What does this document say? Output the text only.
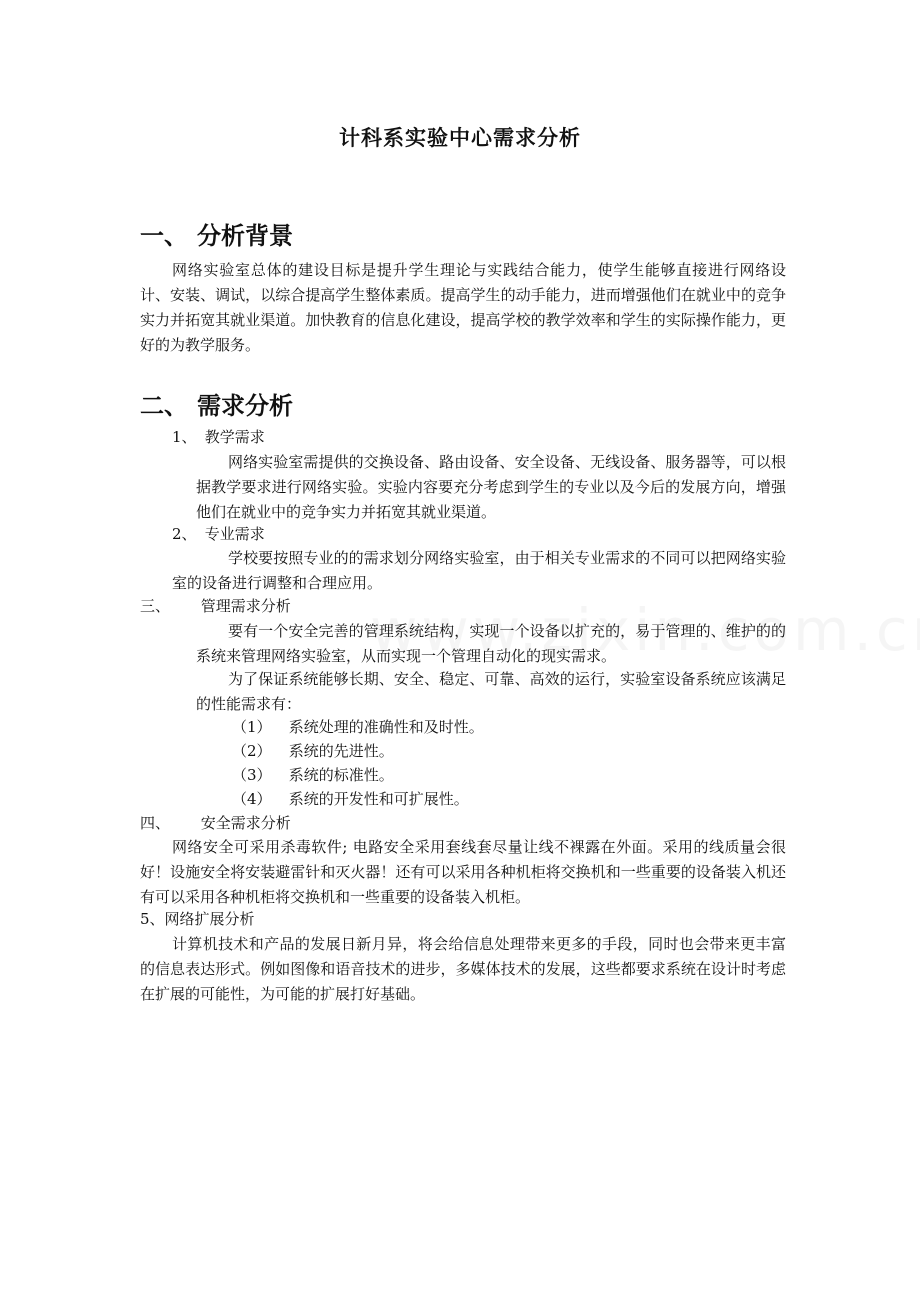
计科系实验中心需求分析
一、 分析背景
网络实验室总体的建设目标是提升学生理论与实践结合能力，使学生能够直接进行网络设计、安装、调试，以综合提高学生整体素质。提高学生的动手能力，进而增强他们在就业中的竞争实力并拓宽其就业渠道。加快教育的信息化建设，提高学校的教学效率和学生的实际操作能力，更好的为教学服务。
二、 需求分析
1、 教学需求
网络实验室需提供的交换设备、路由设备、安全设备、无线设备、服务器等，可以根据教学要求进行网络实验。实验内容要充分考虑到学生的专业以及今后的发展方向，增强他们在就业中的竞争实力并拓宽其就业渠道。
2、 专业需求
学校要按照专业的的需求划分网络实验室，由于相关专业需求的不同可以把网络实验室的设备进行调整和合理应用。
三、 管理需求分析
要有一个安全完善的管理系统结构，实现一个设备以扩充的，易于管理的、维护的的系统来管理网络实验室，从而实现一个管理自动化的现实需求。
为了保证系统能够长期、安全、稳定、可靠、高效的运行，实验室设备系统应该满足的性能需求有：
（1） 系统处理的准确性和及时性。
（2） 系统的先进性。
（3） 系统的标准性。
（4） 系统的开发性和可扩展性。
四、 安全需求分析
网络安全可采用杀毒软件; 电路安全采用套线套尽量让线不裸露在外面。采用的线质量会很好！设施安全将安装避雷针和灭火器！还有可以采用各种机柜将交换机和一些重要的设备装入机还有可以采用各种机柜将交换机和一些重要的设备装入机柜。
5、网络扩展分析
计算机技术和产品的发展日新月异，将会给信息处理带来更多的手段，同时也会带来更丰富的信息表达形式。例如图像和语音技术的进步，多媒体技术的发展，这些都要求系统在设计时考虑在扩展的可能性，为可能的扩展打好基础。
